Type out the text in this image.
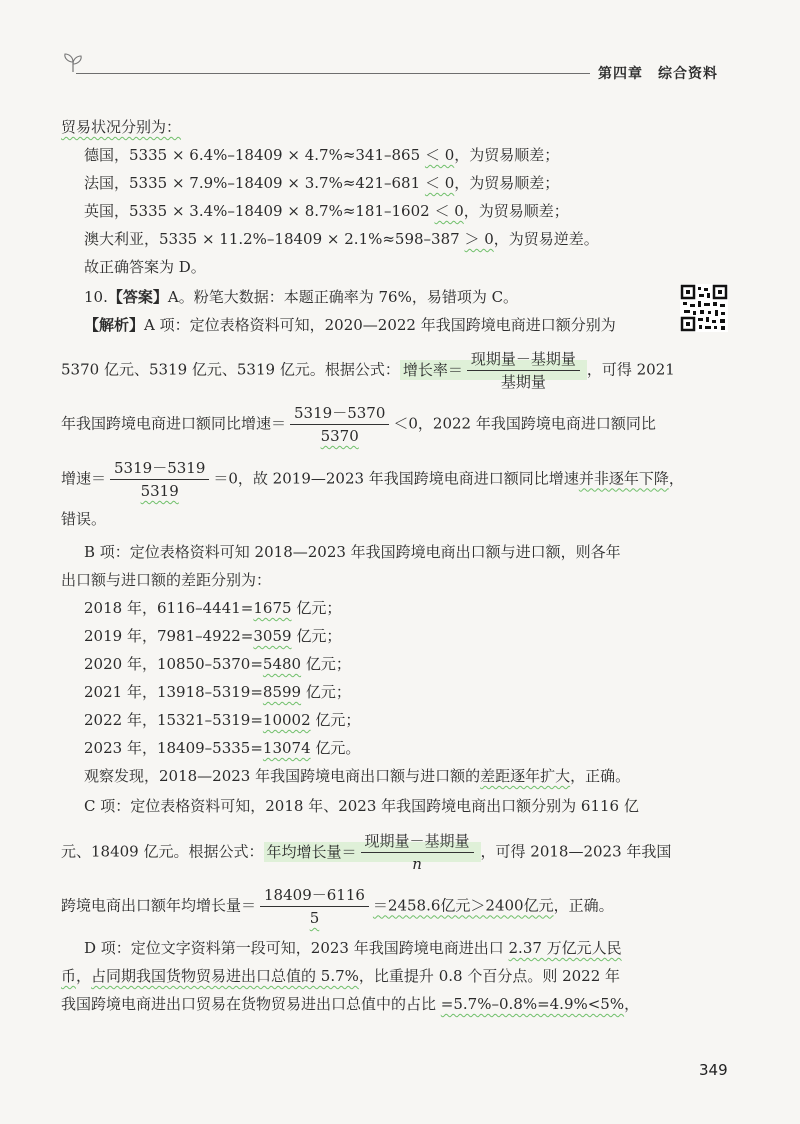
第四章　综合资料
贸易状况分别为：
德国，5335 × 6.4%–18409 × 4.7%≈341–865 ＜ 0，为贸易顺差；
法国，5335 × 7.9%–18409 × 3.7%≈421–681 ＜ 0，为贸易顺差；
英国，5335 × 3.4%–18409 × 8.7%≈181–1602 ＜ 0，为贸易顺差；
澳大利亚，5335 × 11.2%–18409 × 2.1%≈598–387 ＞ 0，为贸易逆差。
故正确答案为 D。
10.【答案】A。粉笔大数据：本题正确率为 76%，易错项为 C。
【解析】A 项：定位表格资料可知，2020—2022 年我国跨境电商进口额分别为
5370 亿元、5319 亿元、5319 亿元。根据公式： 增长率＝ $\frac{\text{现期量－基期量}}{\text{基期量}}$ ，可得 2021
年我国跨境电商进口额同比增速＝ $\frac{5319-5370}{5370} <0$，2022 年我国跨境电商进口额同比
增速＝ $\frac{5319-5319}{5319} =0$，故 2019—2023 年我国跨境电商进口额同比增速并非逐年下降，
错误。
B 项：定位表格资料可知 2018—2023 年我国跨境电商出口额与进口额，则各年
出口额与进口额的差距分别为：
2018 年，6116–4441=1675 亿元；
2019 年，7981–4922=3059 亿元；
2020 年，10850–5370=5480 亿元；
2021 年，13918–5319=8599 亿元；
2022 年，15321–5319=10002 亿元；
2023 年，18409–5335=13074 亿元。
观察发现，2018—2023 年我国跨境电商出口额与进口额的差距逐年扩大，正确。
C 项：定位表格资料可知，2018 年、2023 年我国跨境电商出口额分别为 6116 亿
元、18409 亿元。根据公式： 年均增长量＝ $\frac{\text{现期量－基期量}}{n}$ ，可得 2018—2023 年我国
跨境电商出口额年均增长量＝ $\frac{18409-6116}{5} =2458.6$亿元＞2400亿元，正确。
D 项：定位文字资料第一段可知，2023 年我国跨境电商进出口 2.37 万亿元人民
币，占同期我国货物贸易进出口总值的 5.7%，比重提升 0.8 个百分点。则 2022 年
我国跨境电商进出口贸易在货物贸易进出口总值中的占比 =5.7%–0.8%=4.9%<5%，
349
